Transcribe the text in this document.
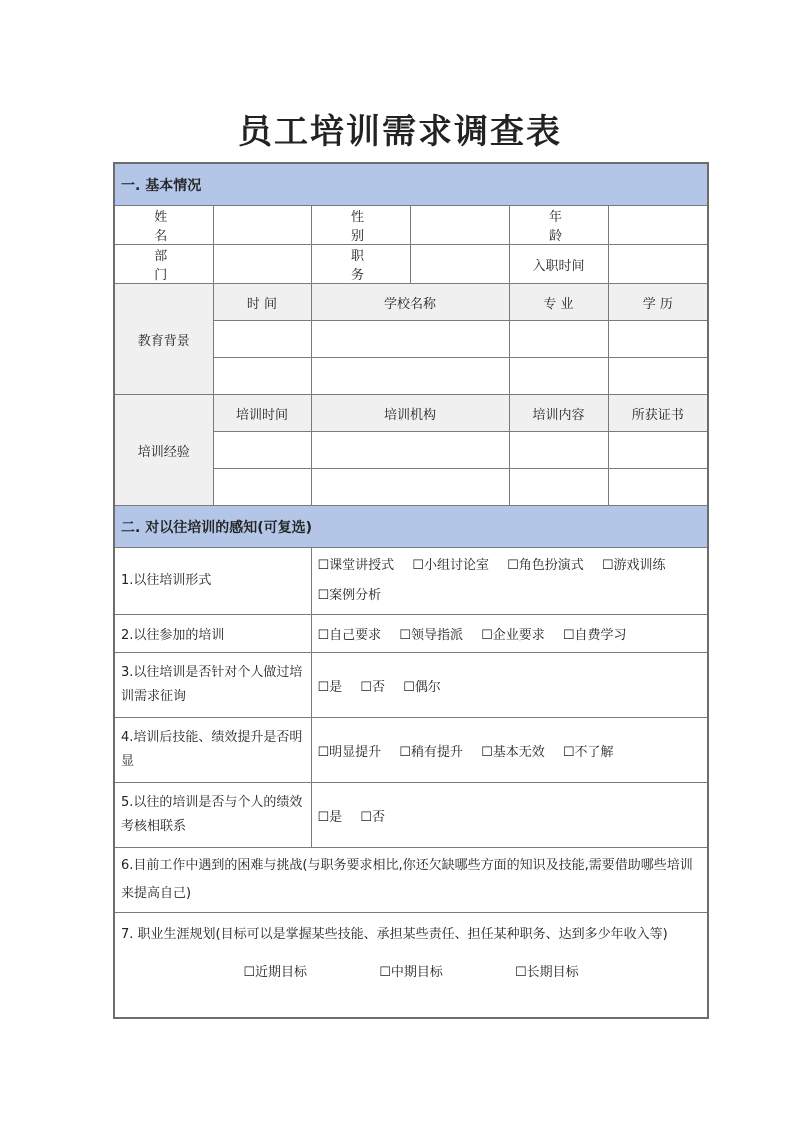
员工培训需求调查表
一. 基本情况					
姓 名		性 别		年 龄	
部 门		职 务		入职时间	
教育背景	时 间	学校名称		专 业	学 历

培训经验	培训时间	培训机构		培训内容	所获证书

二. 对以往培训的感知(可复选)					
1.以往培训形式		☐课堂讲授式 ☐小组讨论室 ☐角色扮演式 ☐游戏训练 ☐案例分析			
2.以往参加的培训		☐自己要求 ☐领导指派 ☐企业要求 ☐自费学习			
3.以往培训是否针对个人做过培训需求征询		☐是 ☐否 ☐偶尔			
4.培训后技能、绩效提升是否明显		☐明显提升 ☐稍有提升 ☐基本无效 ☐不了解			
5.以往的培训是否与个人的绩效考核相联系		☐是 ☐否			
6.目前工作中遇到的困难与挑战(与职务要求相比,你还欠缺哪些方面的知识及技能,需要借助哪些培训来提高自己)					

7. 职业生涯规划(目标可以是掌握某些技能、承担某些责任、担任某种职务、达到多少年收入等)
☐近期目标 ☐中期目标 ☐长期目标					
